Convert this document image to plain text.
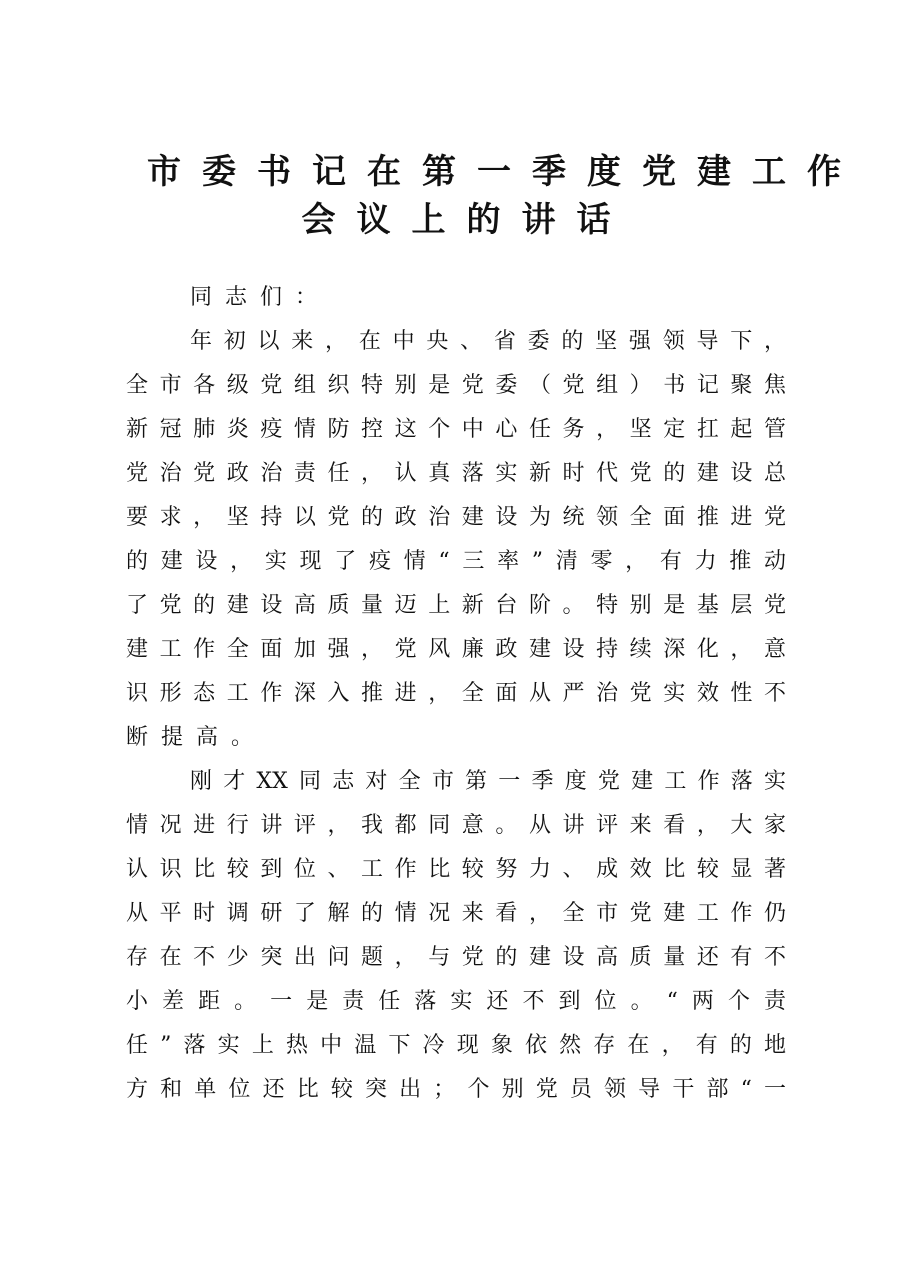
市委书记在第一季度党建工作
会议上的讲话
同志们：
年初以来，在中央、省委的坚强领导下，
全市各级党组织特别是党委（党组）书记聚焦
新冠肺炎疫情防控这个中心任务，坚定扛起管
党治党政治责任，认真落实新时代党的建设总
要求，坚持以党的政治建设为统领全面推进党
的建设，实现了疫情“三率”清零，有力推动
了党的建设高质量迈上新台阶。特别是基层党
建工作全面加强，党风廉政建设持续深化，意
识形态工作深入推进，全面从严治党实效性不
断提高。
刚才XX同志对全市第一季度党建工作落实
情况进行讲评，我都同意。从讲评来看，大家
认识比较到位、工作比较努力、成效比较显著
从平时调研了解的情况来看，全市党建工作仍
存在不少突出问题，与党的建设高质量还有不
小差距。一是责任落实还不到位。“两个责
任”落实上热中温下冷现象依然存在，有的地
方和单位还比较突出；个别党员领导干部“一
